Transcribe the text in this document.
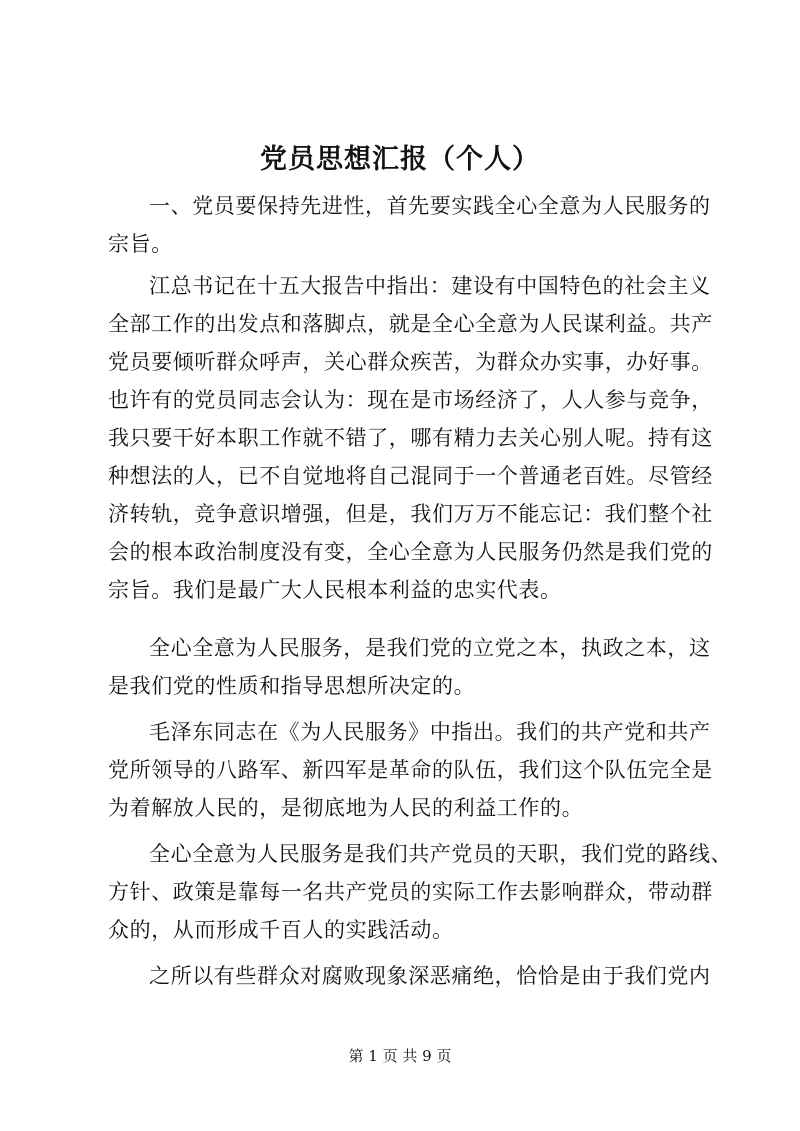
党员思想汇报（个人）
一、党员要保持先进性，首先要实践全心全意为人民服务的
宗旨。
江总书记在十五大报告中指出：建设有中国特色的社会主义
全部工作的出发点和落脚点，就是全心全意为人民谋利益。共产
党员要倾听群众呼声，关心群众疾苦，为群众办实事，办好事。
也许有的党员同志会认为：现在是市场经济了，人人参与竞争，
我只要干好本职工作就不错了，哪有精力去关心别人呢。持有这
种想法的人，已不自觉地将自己混同于一个普通老百姓。尽管经
济转轨，竞争意识增强，但是，我们万万不能忘记：我们整个社
会的根本政治制度没有变，全心全意为人民服务仍然是我们党的
宗旨。我们是最广大人民根本利益的忠实代表。
全心全意为人民服务，是我们党的立党之本，执政之本，这
是我们党的性质和指导思想所决定的。
毛泽东同志在《为人民服务》中指出。我们的共产党和共产
党所领导的八路军、新四军是革命的队伍，我们这个队伍完全是
为着解放人民的，是彻底地为人民的利益工作的。
全心全意为人民服务是我们共产党员的天职，我们党的路线、
方针、政策是靠每一名共产党员的实际工作去影响群众，带动群
众的，从而形成千百人的实践活动。
之所以有些群众对腐败现象深恶痛绝，恰恰是由于我们党内
第 1 页 共 9 页
